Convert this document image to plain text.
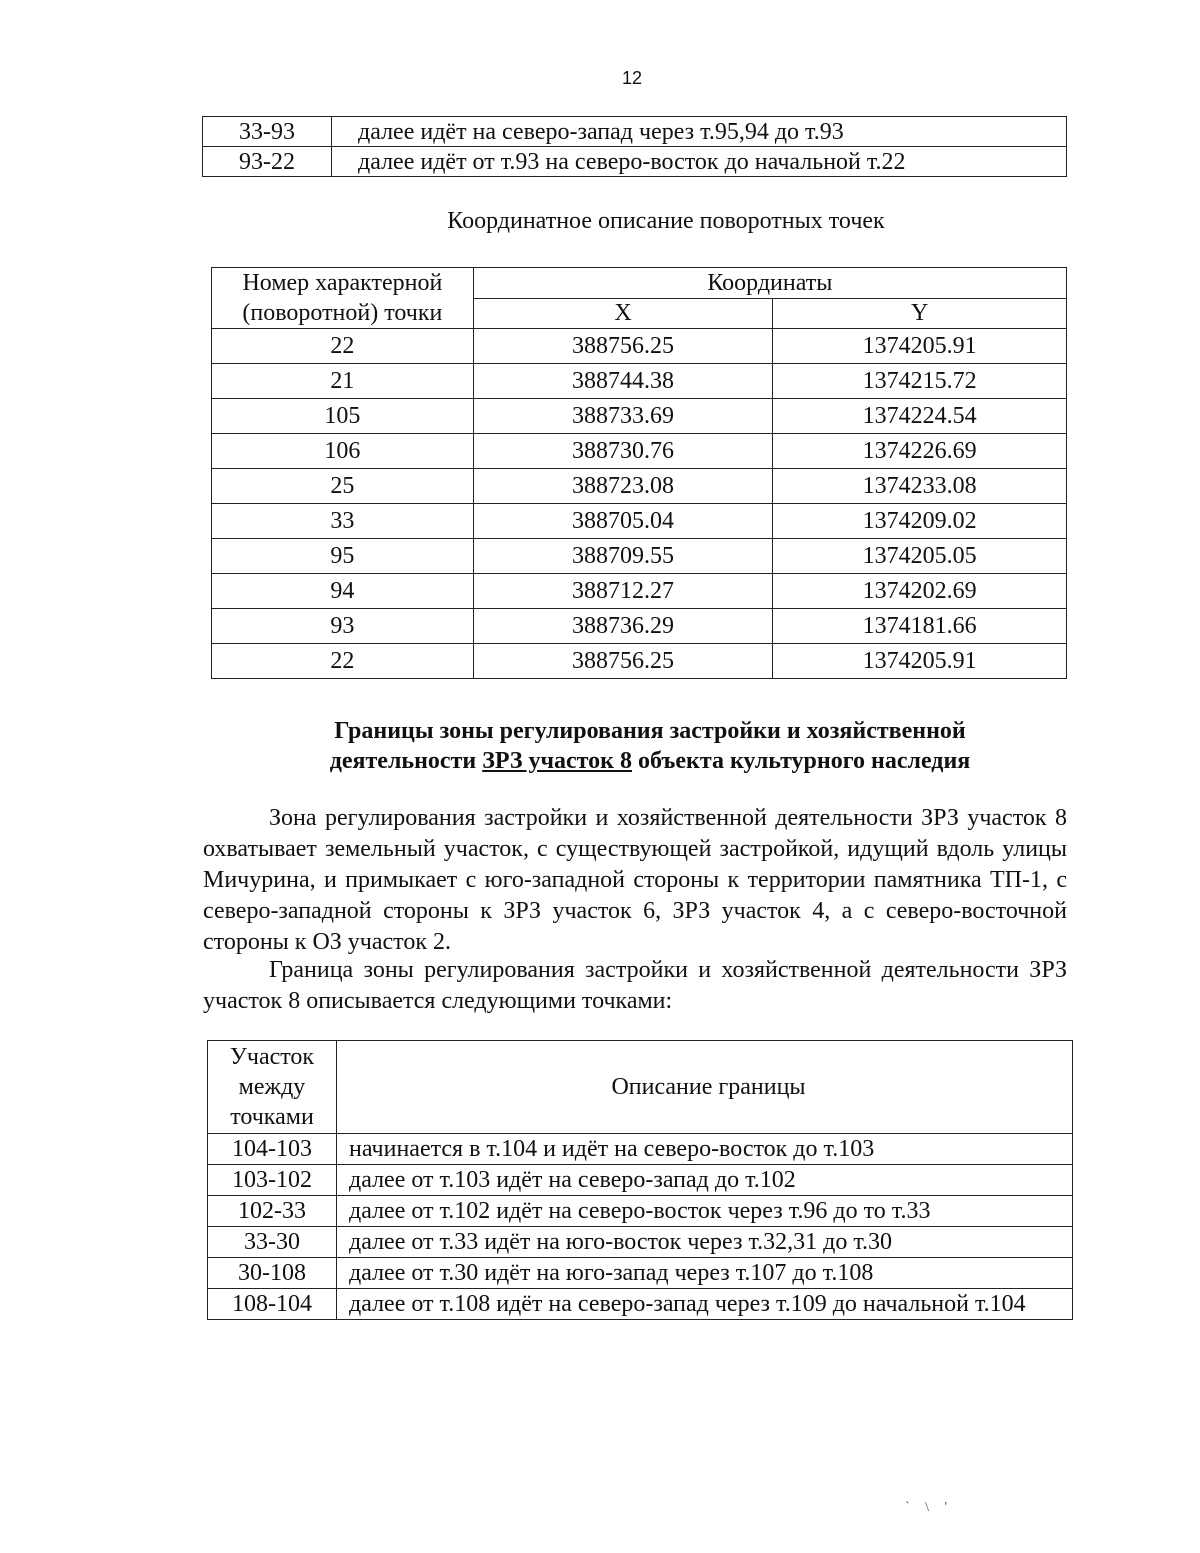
12
33-93	далее идёт на северо-запад через т.95,94 до т.93
93-22	далее идёт от т.93 на северо-восток до начальной т.22
Координатное описание поворотных точек
Номер характерной
(поворотной) точки	Координаты	
	X	Y
22	388756.25	1374205.91
21	388744.38	1374215.72
105	388733.69	1374224.54
106	388730.76	1374226.69
25	388723.08	1374233.08
33	388705.04	1374209.02
95	388709.55	1374205.05
94	388712.27	1374202.69
93	388736.29	1374181.66
22	388756.25	1374205.91
Границы зоны регулирования застройки и хозяйственной
деятельности ЗРЗ участок 8 объекта культурного наследия

Зона регулирования застройки и хозяйственной деятельности ЗРЗ участок 8 охватывает земельный участок, с существующей застройкой, идущий вдоль улицы Мичурина, и примыкает с юго-западной стороны к территории памятника ТП-1, с северо-западной стороны к ЗРЗ участок 6, ЗРЗ участок 4, а с северо-восточной стороны к ОЗ участок 2.

Граница зоны регулирования застройки и хозяйственной деятельности ЗРЗ участок 8 описывается следующими точками:

Участок
между
точками	Описание границы
104-103	начинается в т.104 и идёт на северо-восток до т.103
103-102	далее от т.103 идёт на северо-запад до т.102
102-33	далее от т.102 идёт на северо-восток через т.96 до то т.33
33-30	далее от т.33 идёт на юго-восток через т.32,31 до т.30
30-108	далее от т.30 идёт на юго-запад через т.107 до т.108
108-104	далее от т.108 идёт на северо-запад через т.109 до начальной т.104
` \ '
